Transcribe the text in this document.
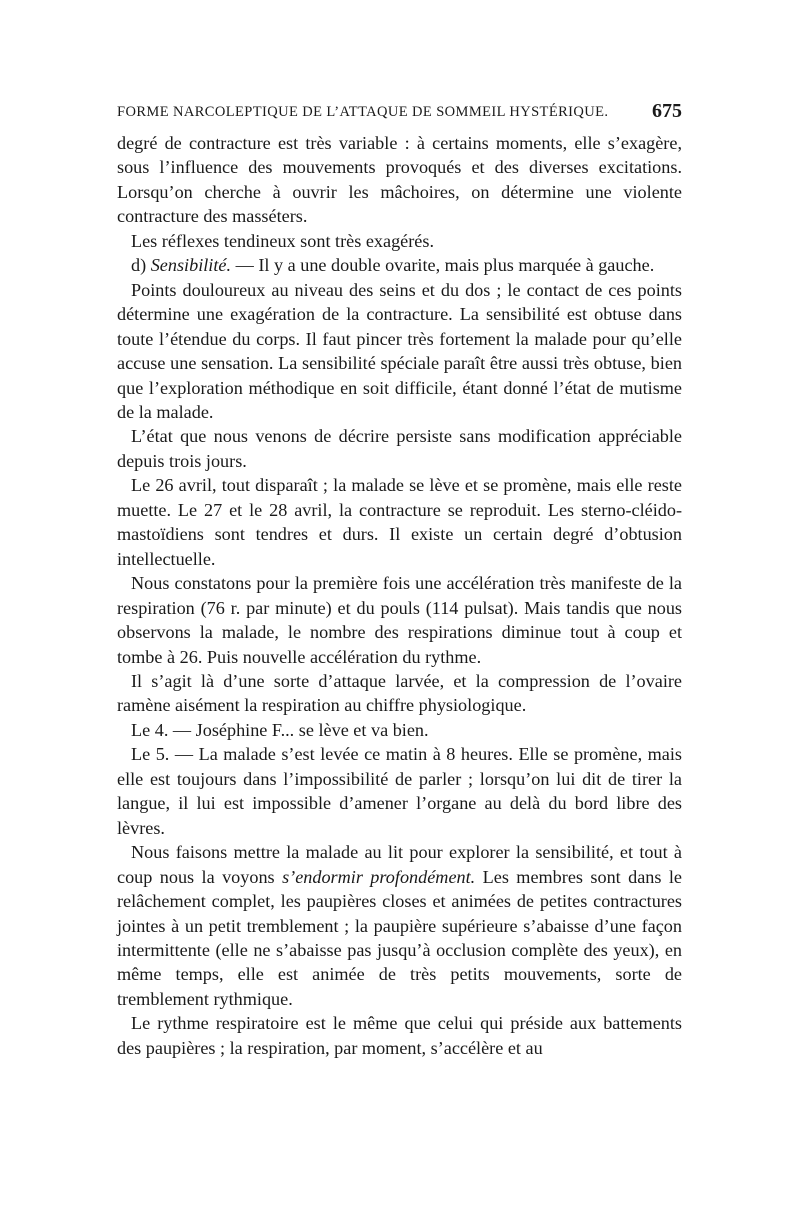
FORME NARCOLEPTIQUE DE L’ATTAQUE DE SOMMEIL HYSTÉRIQUE. 675

degré de contracture est très variable : à certains moments, elle s’exagère, sous l’influence des mouvements provoqués et des diverses excitations. Lorsqu’on cherche à ouvrir les mâchoires, on détermine une violente contracture des masséters.

Les réflexes tendineux sont très exagérés.

d) Sensibilité. — Il y a une double ovarite, mais plus marquée à gauche.

Points douloureux au niveau des seins et du dos ; le contact de ces points détermine une exagération de la contracture. La sensibilité est obtuse dans toute l’étendue du corps. Il faut pincer très fortement la malade pour qu’elle accuse une sensation. La sensibilité spéciale paraît être aussi très obtuse, bien que l’exploration méthodique en soit difficile, étant donné l’état de mutisme de la malade.

L’état que nous venons de décrire persiste sans modification appréciable depuis trois jours.

Le 26 avril, tout disparaît ; la malade se lève et se promène, mais elle reste muette. Le 27 et le 28 avril, la contracture se reproduit. Les sterno-cléido-mastoïdiens sont tendres et durs. Il existe un certain degré d’obtusion intellectuelle.

Nous constatons pour la première fois une accélération très manifeste de la respiration (76 r. par minute) et du pouls (114 pulsat). Mais tandis que nous observons la malade, le nombre des respirations diminue tout à coup et tombe à 26. Puis nouvelle accélération du rythme.

Il s’agit là d’une sorte d’attaque larvée, et la compression de l’ovaire ramène aisément la respiration au chiffre physiologique.

Le 4. — Joséphine F... se lève et va bien.

Le 5. — La malade s’est levée ce matin à 8 heures. Elle se promène, mais elle est toujours dans l’impossibilité de parler ; lorsqu’on lui dit de tirer la langue, il lui est impossible d’amener l’organe au delà du bord libre des lèvres.

Nous faisons mettre la malade au lit pour explorer la sensibilité, et tout à coup nous la voyons s’endormir profondément. Les membres sont dans le relâchement complet, les paupières closes et animées de petites contractures jointes à un petit tremblement ; la paupière supérieure s’abaisse d’une façon intermittente (elle ne s’abaisse pas jusqu’à occlusion complète des yeux), en même temps, elle est animée de très petits mouvements, sorte de tremblement rythmique.

Le rythme respiratoire est le même que celui qui préside aux battements des paupières ; la respiration, par moment, s’accélère et au
